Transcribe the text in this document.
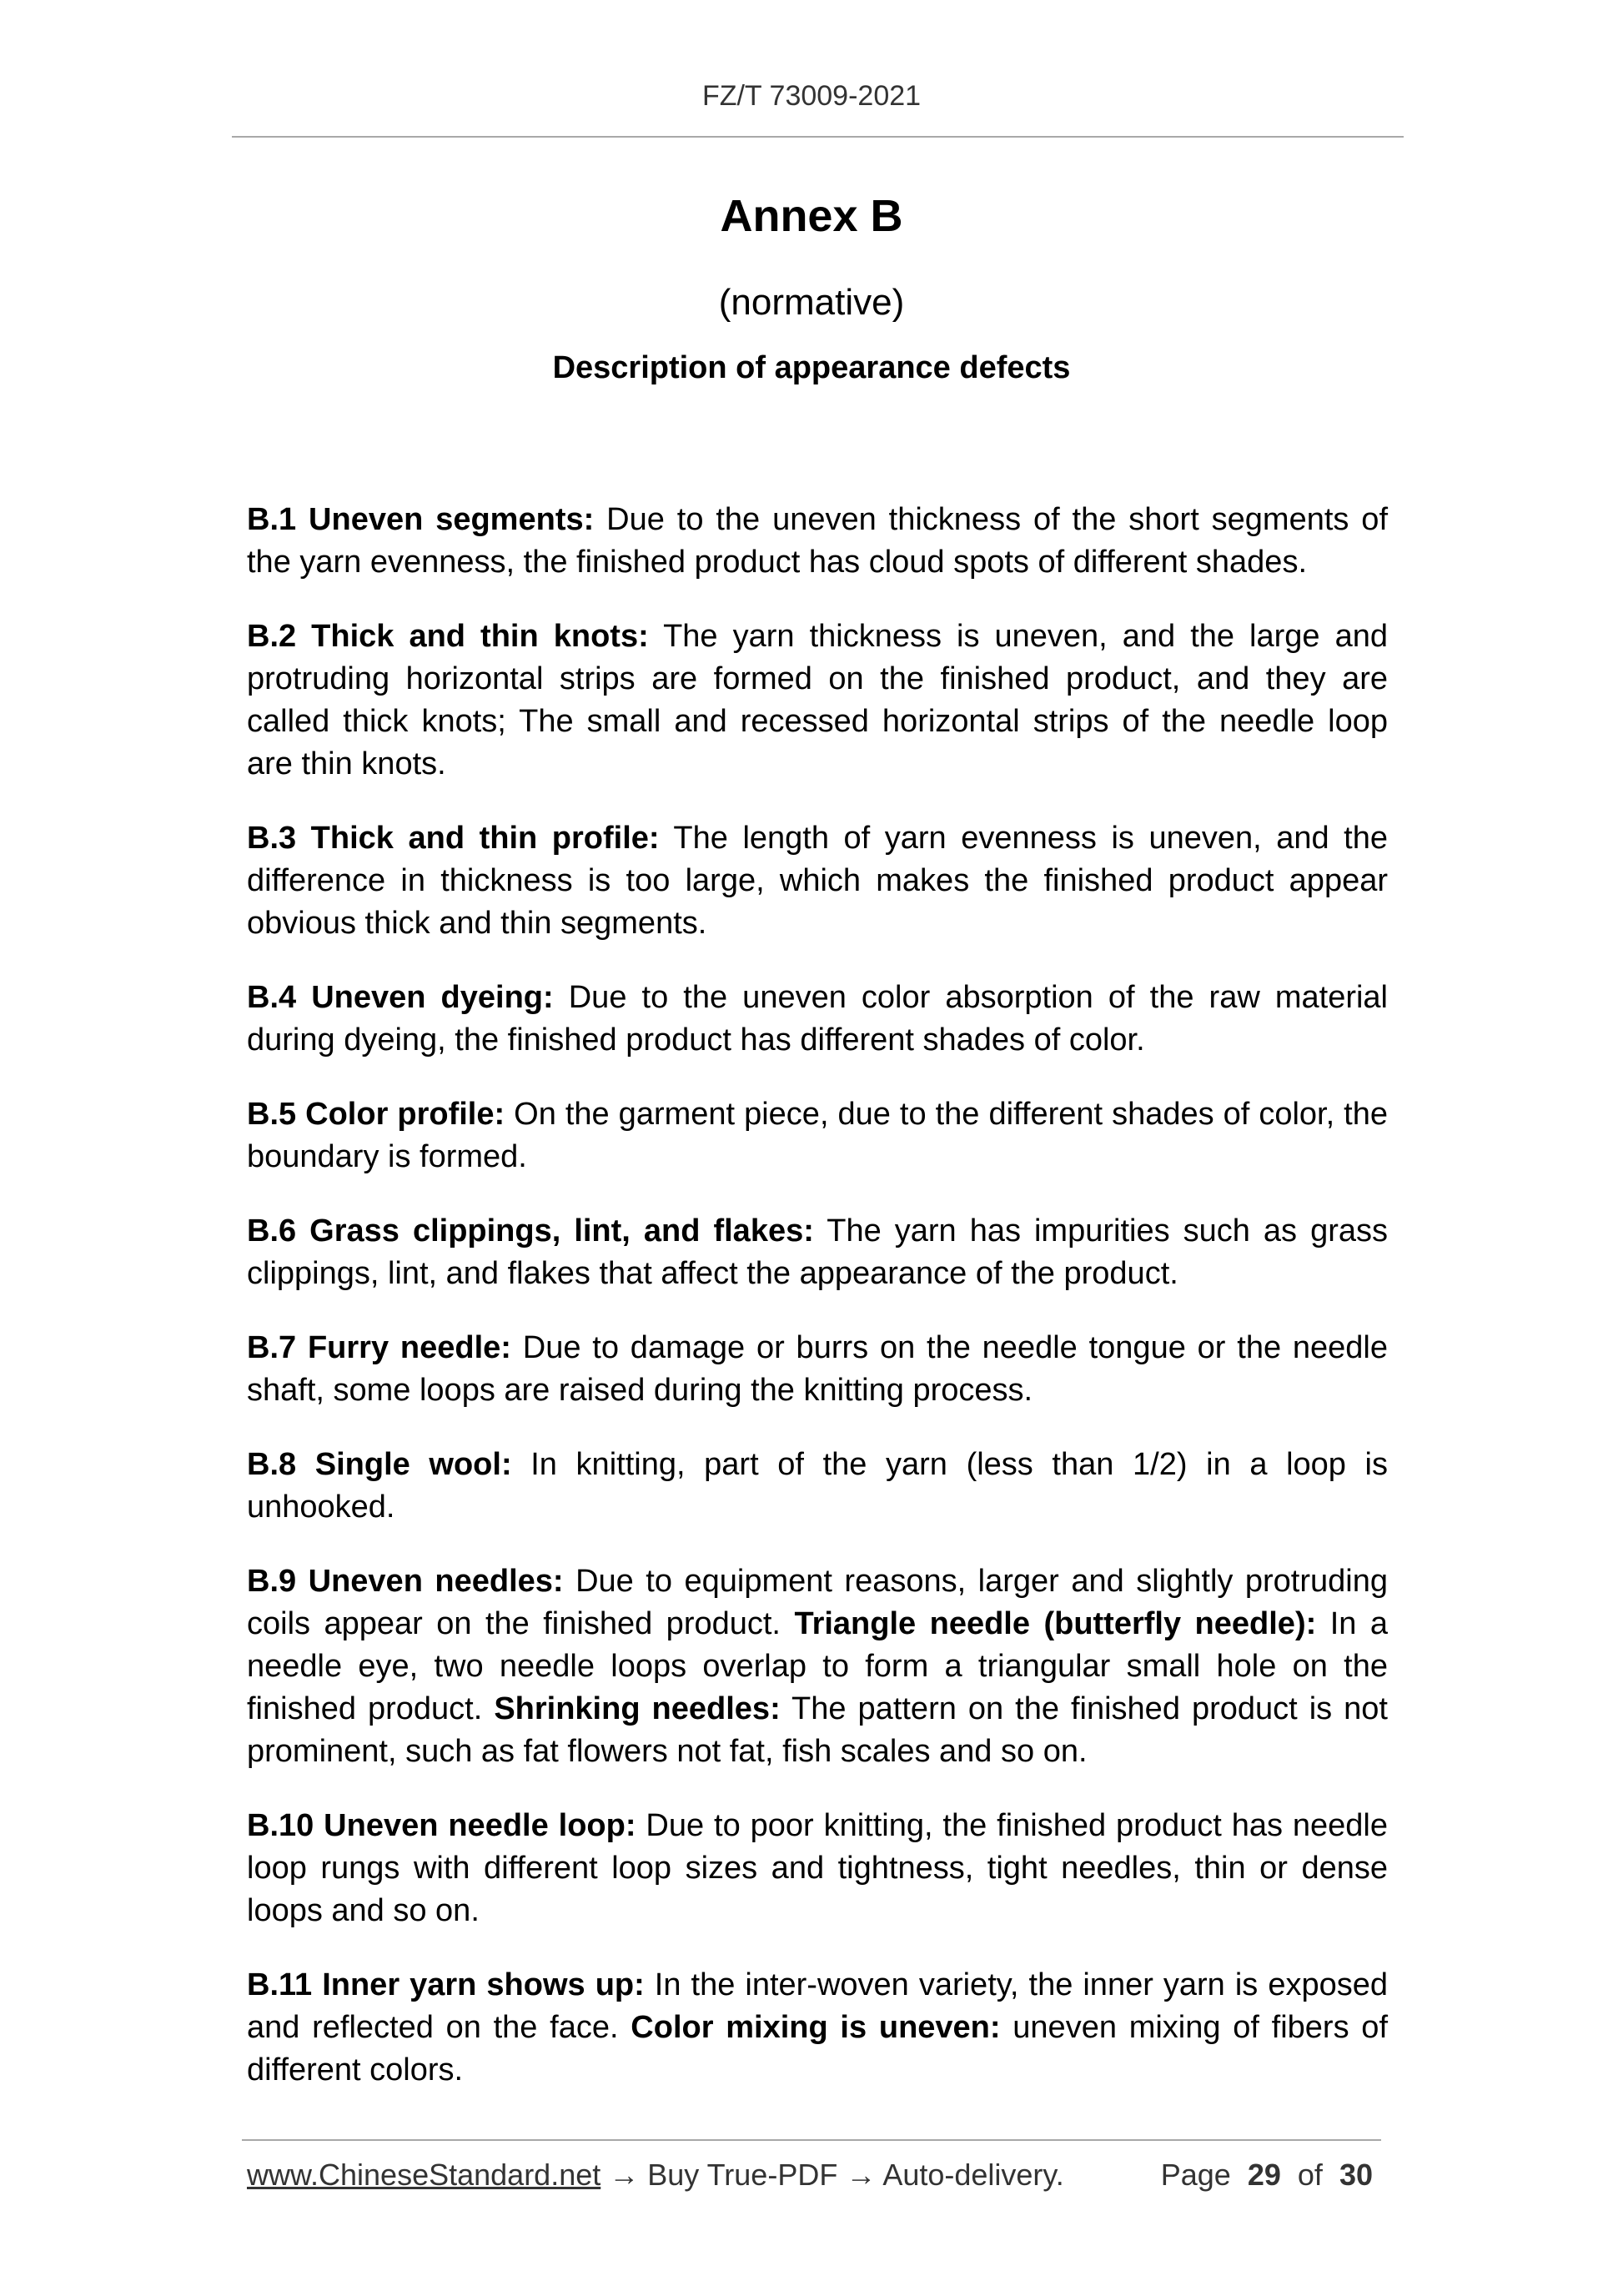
FZ/T 73009-2021
Annex B
(normative)
Description of appearance defects

B.1 Uneven segments: Due to the uneven thickness of the short segments of the yarn evenness, the finished product has cloud spots of different shades.

B.2 Thick and thin knots: The yarn thickness is uneven, and the large and protruding horizontal strips are formed on the finished product, and they are called thick knots; The small and recessed horizontal strips of the needle loop are thin knots.

B.3 Thick and thin profile: The length of yarn evenness is uneven, and the difference in thickness is too large, which makes the finished product appear obvious thick and thin segments.

B.4 Uneven dyeing: Due to the uneven color absorption of the raw material during dyeing, the finished product has different shades of color.

B.5 Color profile: On the garment piece, due to the different shades of color, the boundary is formed.

B.6 Grass clippings, lint, and flakes: The yarn has impurities such as grass clippings, lint, and flakes that affect the appearance of the product.

B.7 Furry needle: Due to damage or burrs on the needle tongue or the needle shaft, some loops are raised during the knitting process.

B.8 Single wool: In knitting, part of the yarn (less than 1/2) in a loop is unhooked.

B.9 Uneven needles: Due to equipment reasons, larger and slightly protruding coils appear on the finished product. Triangle needle (butterfly needle): In a needle eye, two needle loops overlap to form a triangular small hole on the finished product. Shrinking needles: The pattern on the finished product is not prominent, such as fat flowers not fat, fish scales and so on.

B.10 Uneven needle loop: Due to poor knitting, the finished product has needle loop rungs with different loop sizes and tightness, tight needles, thin or dense loops and so on.

B.11 Inner yarn shows up: In the inter-woven variety, the inner yarn is exposed and reflected on the face. Color mixing is uneven: uneven mixing of fibers of different colors.

www.ChineseStandard.net → Buy True-PDF → Auto-delivery.	Page 29 of 30
